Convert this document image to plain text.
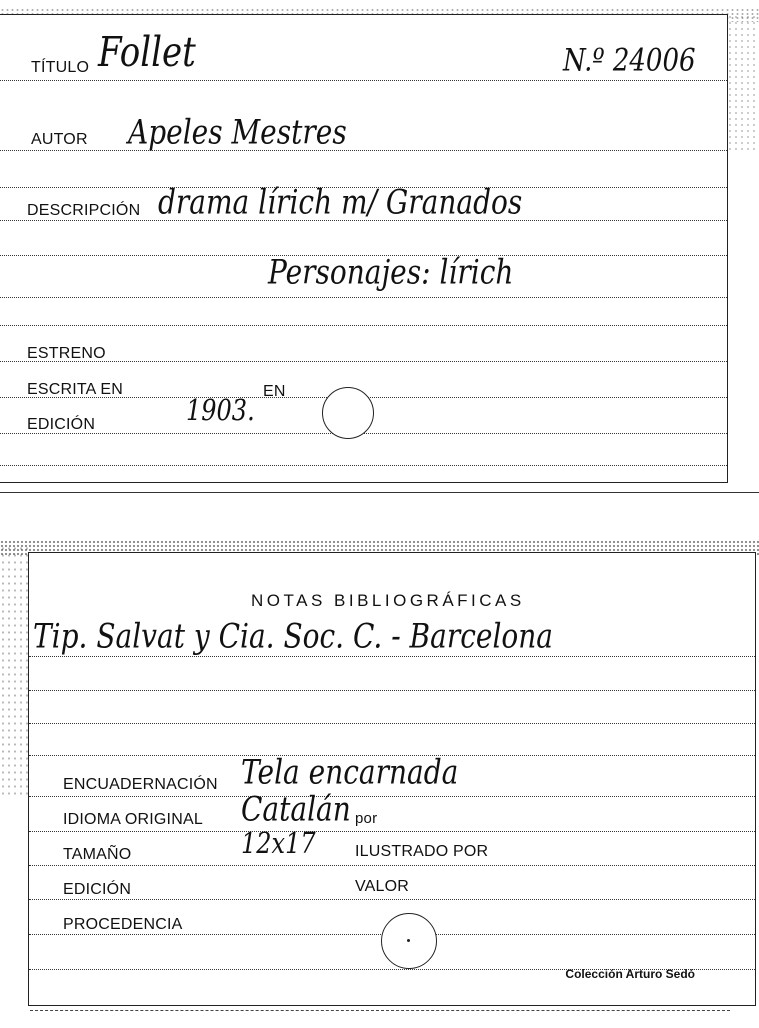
TÍTULO Follet	N.º 24006
AUTOR Apeles Mestres
DESCRIPCIÓN drama lírich m/ Granados
Personajes: lírich
ESTRENO
ESCRITA EN	EN
EDICIÓN	1903.
NOTAS BIBLIOGRÁFICAS
Tip. Salvat y Cia. Soc. C. - Barcelona
ENCUADERNACIÓN Tela encarnada
IDIOMA ORIGINAL Catalán por
TAMAÑO	12x17 ILUSTRADO POR
EDICIÓN	VALOR
PROCEDENCIA
Colección Arturo Sedó
